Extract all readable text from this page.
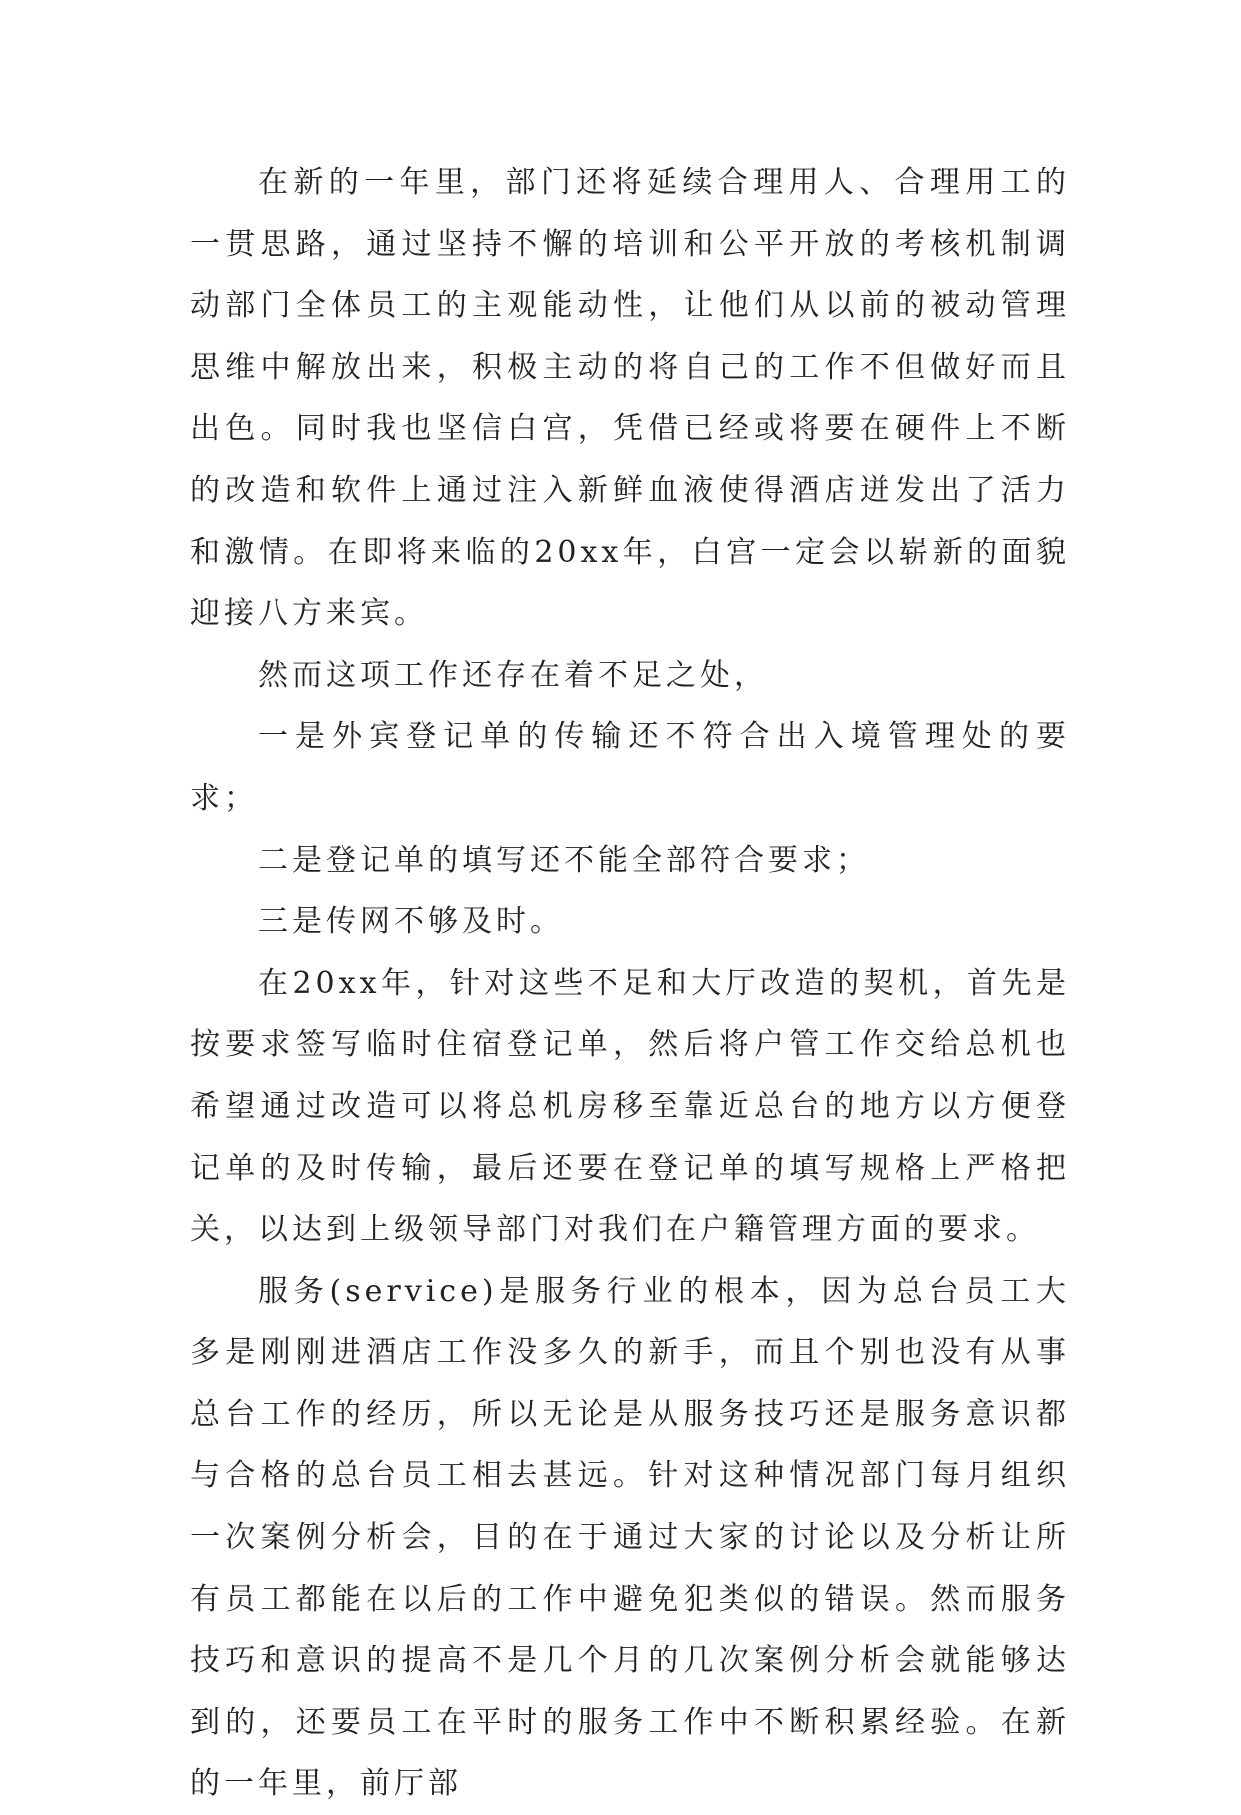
在新的一年里，部门还将延续合理用人、合理用工的一贯思路，通过坚持不懈的培训和公平开放的考核机制调动部门全体员工的主观能动性，让他们从以前的被动管理思维中解放出来，积极主动的将自己的工作不但做好而且出色。同时我也坚信白宫，凭借已经或将要在硬件上不断的改造和软件上通过注入新鲜血液使得酒店迸发出了活力和激情。在即将来临的20xx年，白宫一定会以崭新的面貌迎接八方来宾。

然而这项工作还存在着不足之处，

一是外宾登记单的传输还不符合出入境管理处的要求；

二是登记单的填写还不能全部符合要求；

三是传网不够及时。

在20xx年，针对这些不足和大厅改造的契机，首先是按要求签写临时住宿登记单，然后将户管工作交给总机也希望通过改造可以将总机房移至靠近总台的地方以方便登记单的及时传输，最后还要在登记单的填写规格上严格把关，以达到上级领导部门对我们在户籍管理方面的要求。

服务(service)是服务行业的根本，因为总台员工大多是刚刚进酒店工作没多久的新手，而且个别也没有从事总台工作的经历，所以无论是从服务技巧还是服务意识都与合格的总台员工相去甚远。针对这种情况部门每月组织一次案例分析会，目的在于通过大家的讨论以及分析让所有员工都能在以后的工作中避免犯类似的错误。然而服务技巧和意识的提高不是几个月的几次案例分析会就能够达到的，还要员工在平时的服务工作中不断积累经验。在新的一年里，前厅部
